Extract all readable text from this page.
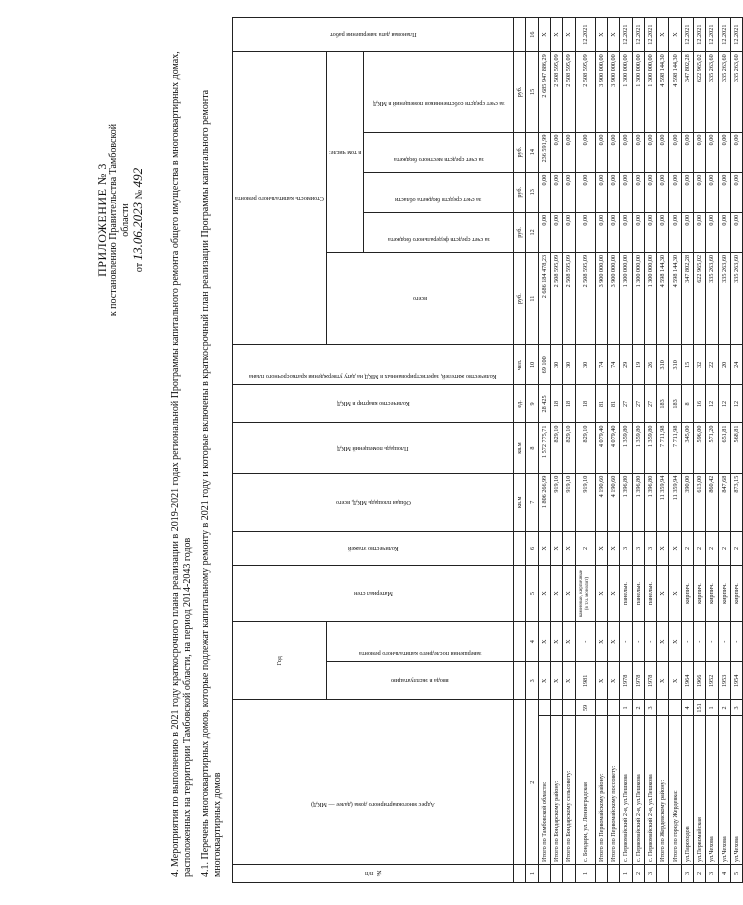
ПРИЛОЖЕНИЕ № 3 к постановлению Правительства Тамбовской области
от 13.06.2023 № 492	4. Мероприятия по выполнению в 2021 году краткосрочного плана реализации в 2019-2021 годах региональной Программы капитального ремонта общего имущества в многоквартирных домах, расположенных на территории Тамбовской области, на период 2014-2043 годов 4.1. Перечень многоквартирных домов, которые подлежат капитальному ремонту в 2021 году и которые включены в краткосрочный план реализации Программы капитального ремонта многоквартирных домов	№ п/п	Адрес многоквартирного дома (далее — МКД)		Год		Материал стен	Количество этажей	Общая площадь МКД, всего	Площадь помещений МКД	Количество квартир в МКД	Количество жителей, зарегистрированных в МКД на дату утверждения краткосрочного плана	Стоимость капитального ремонта					Плановая дата завершения работ

			ввода в эксплуатацию	завершения последнего капитального ремонта							всего	в том числе:				

												за счет средств федерального бюджета	за счет средств бюджета области	за счет средств местного бюджета	за счет средств собственников помещений в МКД	

							кв.м	кв.м	ед.	чел.	руб.	руб.	руб.	руб.	руб.	
1	2		3	4	5	6	7	8	9	10	11	12	13	14	15	16
	Итого по Тамбовской области:		X	X	X	X	1 806 266,99	1 572 775,71	28 425	69 100	2 686 184 478,23	0,00	0,00	236 591,99	2 685 947 886,29	X
	Итого по Бондарскому району:		X	X	X	X	919,10	829,10	18	30	2 508 595,09	0,00	0,00	0,00	2 508 595,09	X
	Итого по Бондарскому сельсовету:		X	X	X	X	919,10	829,10	18	30	2 508 595,09	0,00	0,00	0,00	2 508 595,09	X
1	с. Бондари, ул. Ленинградская	59	1981	-	каменные, кирпичные (в т.ч. монолит)	2	919,10	829,10	18	30	2 508 595,09	0,00	0,00	0,00	2 508 595,09	12.2021
	Итого по Первомайскому району:		X	X	X	X	4 190,60	4 079,40	81	74	3 900 000,00	0,00	0,00	0,00	3 900 000,00	X
	Итого по Первомайскому поссовету:		X	X	X	X	4 190,60	4 079,40	81	74	3 900 000,00	0,00	0,00	0,00	3 900 000,00	X
1	с. Первомайский 2-я, ул.Пешкова	1	1978	-	панельн.	3	1 396,80	1 359,80	27	29	1 300 000,00	0,00	0,00	0,00	1 300 000,00	12.2021
2	с. Первомайский 2-я, ул.Пешкова	2	1978	-	панельн.	3	1 396,80	1 359,80	27	19	1 300 000,00	0,00	0,00	0,00	1 300 000,00	12.2021
3	с. Первомайский 2-я, ул.Пешкова	3	1978	-	панельн.	3	1 396,80	1 359,80	27	26	1 300 000,00	0,00	0,00	0,00	1 300 000,00	12.2021
	Итого по Жердевскому району:		X	X	X	X	11 359,94	7 711,98	183	310	4 598 144,30	0,00	0,00	0,00	4 598 144,30	X
	Итого по городу Жердевка:		X	X	X	X	11 359,94	7 711,98	183	310	4 598 144,30	0,00	0,00	0,00	4 598 144,30	X
3	ул.Пароходов	4	1964	-	кирпич.	2	390,00	345,00	8	15	347 802,28	0,00	0,00	0,00	347 802,28	12.2021
2	ул.Первомайская	151	1966	-	кирпич.	2	613,00	596,00	16	32	622 965,02	0,00	0,00	0,00	622 965,02	12.2021
3	ул.Чехова	1	1952	-	кирпич.	2	860,42	571,20	12	22	335 263,60	0,00	0,00	0,00	335 263,60	12.2021
4	ул.Чехова	2	1953	-	кирпич.	2	847,68	651,81	12	20	335 263,60	0,00	0,00	0,00	335 263,60	12.2021
5	ул.Чехова	3	1954	-	кирпич.	2	873,15	568,81	12	24	335 263,60	0,00	0,00	0,00	335 263,60	12.2021
